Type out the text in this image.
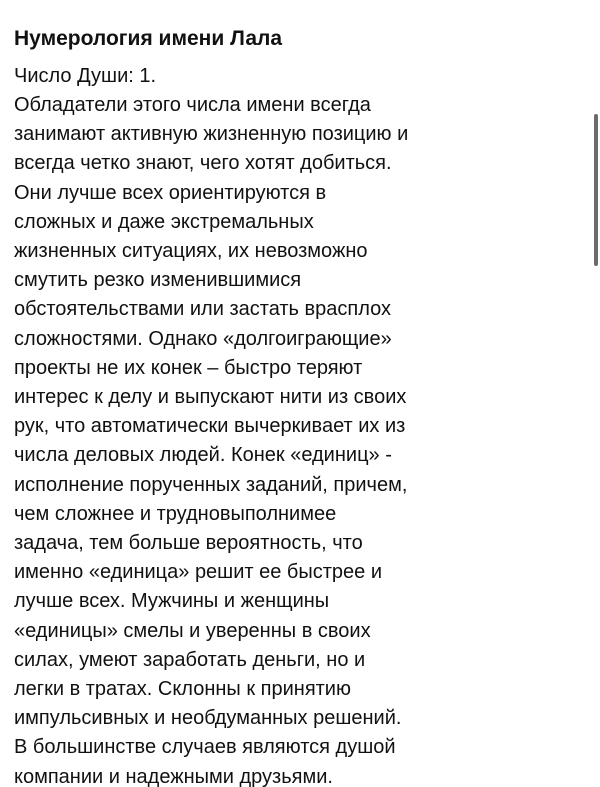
Нумерология имени Лала
Число Души: 1.
Обладатели этого числа имени всегда
занимают активную жизненную позицию и
всегда четко знают, чего хотят добиться.
Они лучше всех ориентируются в
сложных и даже экстремальных
жизненных ситуациях, их невозможно
смутить резко изменившимися
обстоятельствами или застать врасплох
сложностями. Однако «долгоиграющие»
проекты не их конек – быстро теряют
интерес к делу и выпускают нити из своих
рук, что автоматически вычеркивает их из
числа деловых людей. Конек «единиц» -
исполнение порученных заданий, причем,
чем сложнее и трудновыполнимее
задача, тем больше вероятность, что
именно «единица» решит ее быстрее и
лучше всех. Мужчины и женщины
«единицы» смелы и уверенны в своих
силах, умеют заработать деньги, но и
легки в тратах. Склонны к принятию
импульсивных и необдуманных решений.
В большинстве случаев являются душой
компании и надежными друзьями.
